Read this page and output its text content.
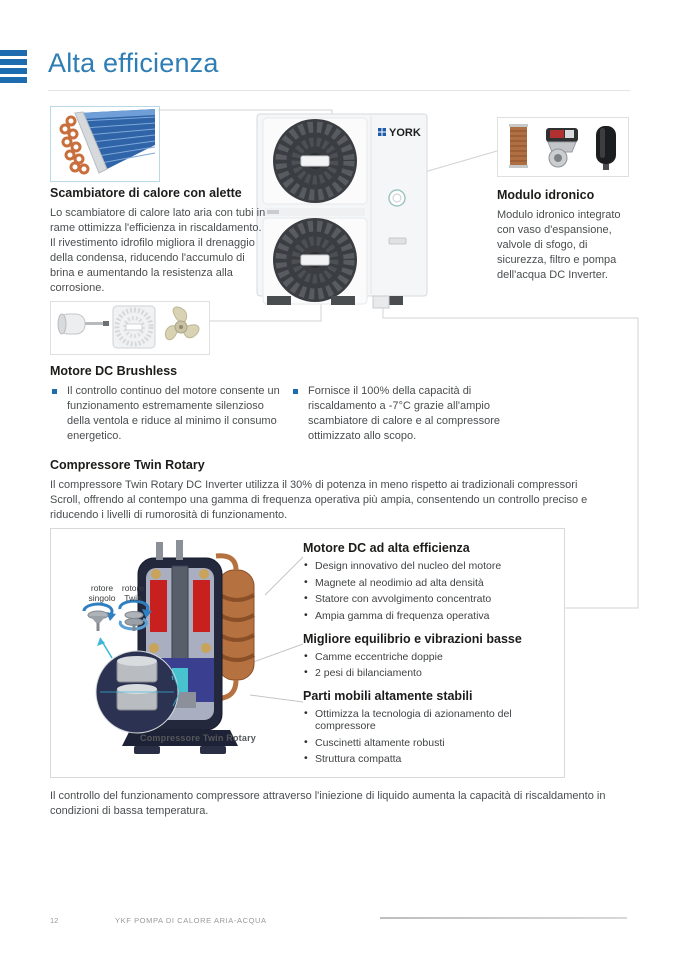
Alta efficienza
YORK
Scambiatore di calore con alette
Lo scambiatore di calore lato aria con tubi in rame ottimizza l'efficienza in riscaldamento. Il rivestimento idrofilo migliora il drenaggio della condensa, riducendo l'accumulo di brina e aumentando la resistenza alla corrosione.
Modulo idronico
Modulo idronico integrato con vaso d'espansione, valvole di sfogo, di sicurezza, filtro e pompa dell'acqua DC Inverter.
Motore DC Brushless
Il controllo continuo del motore consente un funzionamento estremamente silenzioso della ventola e riduce al minimo il consumo energetico.
Fornisce il 100% della capacità di riscaldamento a -7°C grazie all'ampio scambiatore di calore e al compressore ottimizzato allo scopo.
Compressore Twin Rotary
Il compressore Twin Rotary DC Inverter utilizza il 30% di potenza in meno rispetto ai tradizionali compressori Scroll, offrendo al contempo una gamma di frequenza operativa più ampia, consentendo un controllo preciso e riducendo i livelli di rumorosità di funzionamento.
rotore singolo
rotore Twin
Compressore Twin Rotary
Motore DC ad alta efficienza
• Design innovativo del nucleo del motore
• Magnete al neodimio ad alta densità
• Statore con avvolgimento concentrato
• Ampia gamma di frequenza operativa
Migliore equilibrio e vibrazioni basse
• Camme eccentriche doppie
• 2 pesi di bilanciamento
Parti mobili altamente stabili
• Ottimizza la tecnologia di azionamento del compressore
• Cuscinetti altamente robusti
• Struttura compatta
Il controllo del funzionamento compressore attraverso l'iniezione di liquido aumenta la capacità di riscaldamento in condizioni di bassa temperatura.
12	YKF POMPA DI CALORE ARIA-ACQUA
